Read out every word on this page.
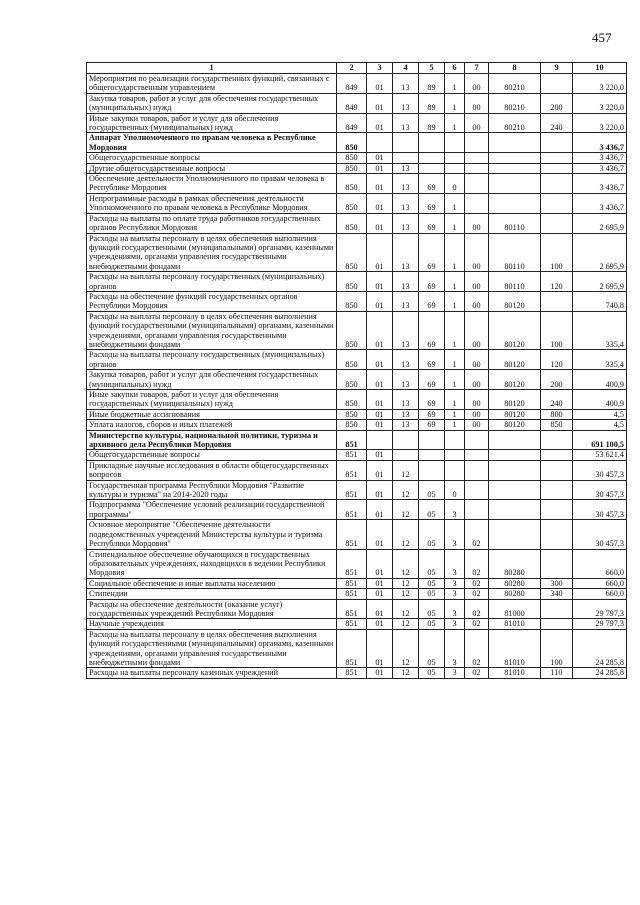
457
1	2	3	4	5	6	7	8	9	10
Мероприятия по реализации государственных функций, связанных с общегосударственным управлением	849	01	13	89	1	00	80210		3 220,0
Закупка товаров, работ и услуг для обеспечения государственных (муниципальных) нужд	849	01	13	89	1	00	80210	200	3 220,0
Иные закупки товаров, работ и услуг для обеспечения государственных (муниципальных) нужд	849	01	13	89	1	00	80210	240	3 220,0
Аппарат Уполномоченного по правам человека в Республике Мордовия	850								3 436,7
Общегосударственные вопросы	850	01							3 436,7
Другие общегосударственные вопросы	850	01	13						3 436,7
Обеспечение деятельности Уполномоченного по правам человека в Республике Мордовия	850	01	13	69	0				3 436,7
Непрограммные расходы в рамках обеспечения деятельности Уполномоченного по правам человека в Республике Мордовия	850	01	13	69	1				3 436,7
Расходы на выплаты по оплате труда работников государственных органов Республики Мордовия	850	01	13	69	1	00	80110		2 695,9
Расходы на выплаты персоналу в целях обеспечения выполнения функций государственными (муниципальными) органами, казенными учреждениями, органами управления государственными внебюджетными фондами	850	01	13	69	1	00	80110	100	2 695,9
Расходы на выплаты персоналу государственных (муниципальных) органов	850	01	13	69	1	00	80110	120	2 695,9
Расходы на обеспечение функций государственных органов Республики Мордовия	850	01	13	69	1	00	80120		740,8
Расходы на выплаты персоналу в целях обеспечения выполнения функций государственными (муниципальными) органами, казенными учреждениями, органами управления государственными внебюджетными фондами	850	01	13	69	1	00	80120	100	335,4
Расходы на выплаты персоналу государственных (муниципальных) органов	850	01	13	69	1	00	80120	120	335,4
Закупка товаров, работ и услуг для обеспечения государственных (муниципальных) нужд	850	01	13	69	1	00	80120	200	400,9
Иные закупки товаров, работ и услуг для обеспечения государственных (муниципальных) нужд	850	01	13	69	1	00	80120	240	400,9
Иные бюджетные ассигнования	850	01	13	69	1	00	80120	800	4,5
Уплата налогов, сборов и иных платежей	850	01	13	69	1	00	80120	850	4,5
Министерство культуры, национальной политики, туризма и архивного дела Республики Мордовия	851								691 100,5
Общегосударственные вопросы	851	01							53 621,4
Прикладные научные исследования в области общегосударственных вопросов	851	01	12						30 457,3
Государственная программа Республики Мордовия "Развитие культуры и туризма" на 2014-2020 годы	851	01	12	05	0				30 457,3
Подпрограмма "Обеспечение условий реализации государственной программы"	851	01	12	05	3				30 457,3
Основное мероприятие "Обеспечение деятельности подведомственных учреждений Министерства культуры и туризма Республики Мордовия"	851	01	12	05	3	02			30 457,3
Стипендиальное обеспечение обучающихся в государственных образовательных учреждениях, находящихся в ведении Республики Мордовия	851	01	12	05	3	02	80280		660,0
Социальное обеспечение и иные выплаты населению	851	01	12	05	3	02	80280	300	660,0
Стипендии	851	01	12	05	3	02	80280	340	660,0
Расходы на обеспечение деятельности (оказание услуг) государственных учреждений Республики Мордовия	851	01	12	05	3	02	81000		29 797,3
Научные учреждения	851	01	12	05	3	02	81010		29 797,3
Расходы на выплаты персоналу в целях обеспечения выполнения функций государственными (муниципальными) органами, казенными учреждениями, органами управления государственными внебюджетными фондами	851	01	12	05	3	02	81010	100	24 285,8
Расходы на выплаты персоналу казенных учреждений	851	01	12	05	3	02	81010	110	24 285,8
